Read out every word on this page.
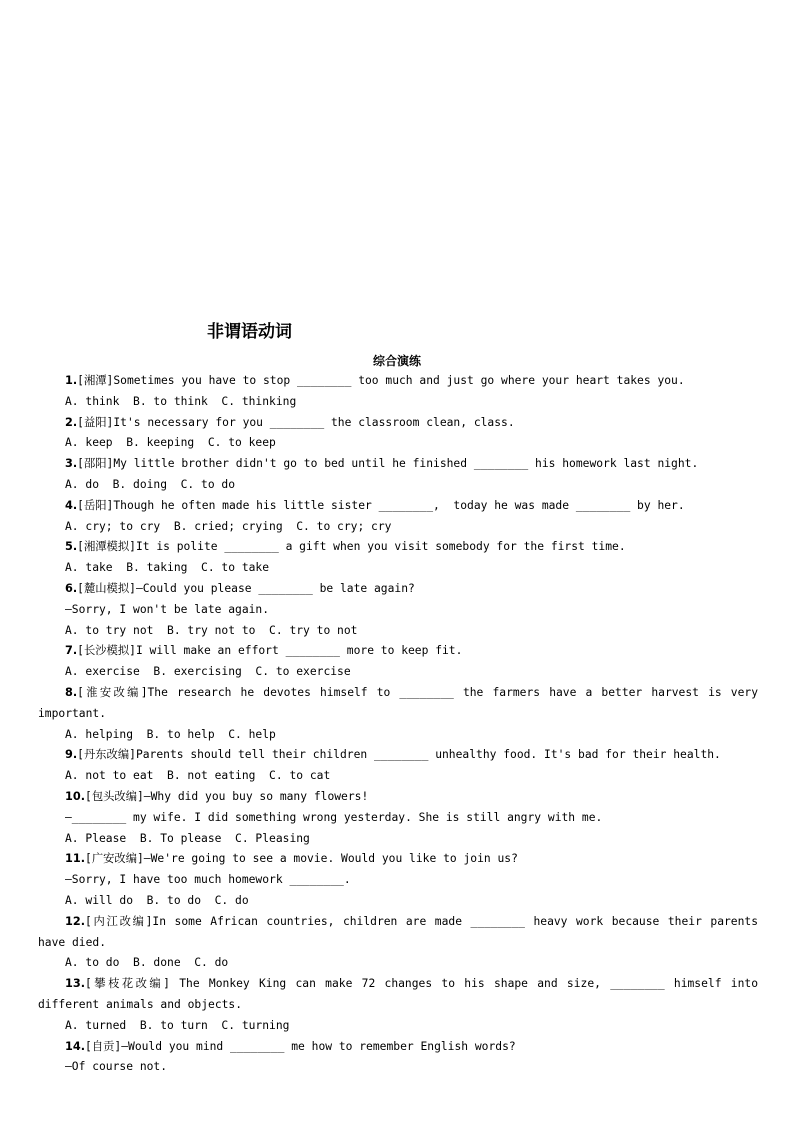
非谓语动词
综合演练
1.[湘潭]Sometimes you have to stop ________ too much and just go where your heart takes you.
A. think  B. to think  C. thinking
2.[益阳]It's necessary for you ________ the classroom clean, class.
A. keep  B. keeping  C. to keep
3.[邵阳]My little brother didn't go to bed until he finished ________ his homework last night.
A. do  B. doing  C. to do
4.[岳阳]Though he often made his little sister ________,  today he was made ________ by her.
A. cry; to cry  B. cried; crying  C. to cry; cry
5.[湘潭模拟]It is polite ________ a gift when you visit somebody for the first time.
A. take  B. taking  C. to take
6.[麓山模拟]—Could you please ________ be late again?
—Sorry, I won't be late again.
A. to try not  B. try not to  C. try to not
7.[长沙模拟]I will make an effort ________ more to keep fit.
A. exercise  B. exercising  C. to exercise
8.[淮安改编]The research he devotes himself to ________ the farmers have a better harvest is very important.
A. helping  B. to help  C. help
9.[丹东改编]Parents should tell their children ________ unhealthy food. It's bad for their health.
A. not to eat  B. not eating  C. to cat
10.[包头改编]—Why did you buy so many flowers!
—________ my wife. I did something wrong yesterday. She is still angry with me.
A. Please  B. To please  C. Pleasing
11.[广安改编]—We're going to see a movie. Would you like to join us?
—Sorry, I have too much homework ________.
A. will do  B. to do  C. do
12.[内江改编]In some African countries, children are made ________ heavy work because their parents have died.
A. to do  B. done  C. do
13.[攀枝花改编] The Monkey King can make 72 changes to his shape and size, ________ himself into different animals and objects.
A. turned  B. to turn  C. turning
14.[自贡]—Would you mind ________ me how to remember English words?
—Of course not.
